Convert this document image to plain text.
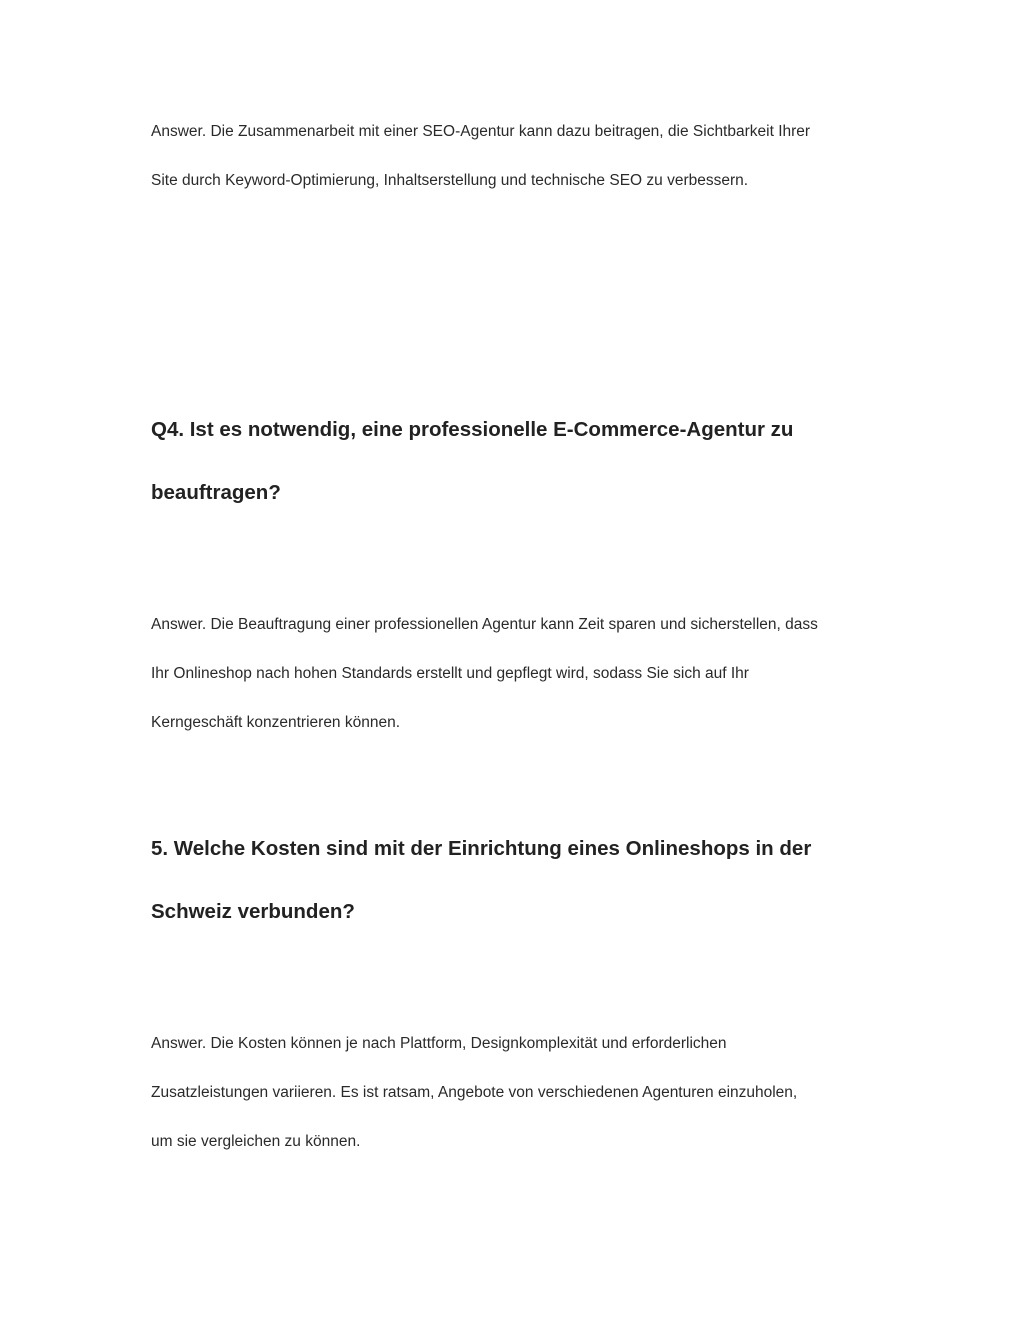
Answer. Die Zusammenarbeit mit einer SEO-Agentur kann dazu beitragen, die Sichtbarkeit Ihrer
Site durch Keyword-Optimierung, Inhaltserstellung und technische SEO zu verbessern.
Q4. Ist es notwendig, eine professionelle E-Commerce-Agentur zu
beauftragen?
Answer. Die Beauftragung einer professionellen Agentur kann Zeit sparen und sicherstellen, dass
Ihr Onlineshop nach hohen Standards erstellt und gepflegt wird, sodass Sie sich auf Ihr
Kerngeschäft konzentrieren können.
5. Welche Kosten sind mit der Einrichtung eines Onlineshops in der
Schweiz verbunden?
Answer. Die Kosten können je nach Plattform, Designkomplexität und erforderlichen
Zusatzleistungen variieren. Es ist ratsam, Angebote von verschiedenen Agenturen einzuholen,
um sie vergleichen zu können.
